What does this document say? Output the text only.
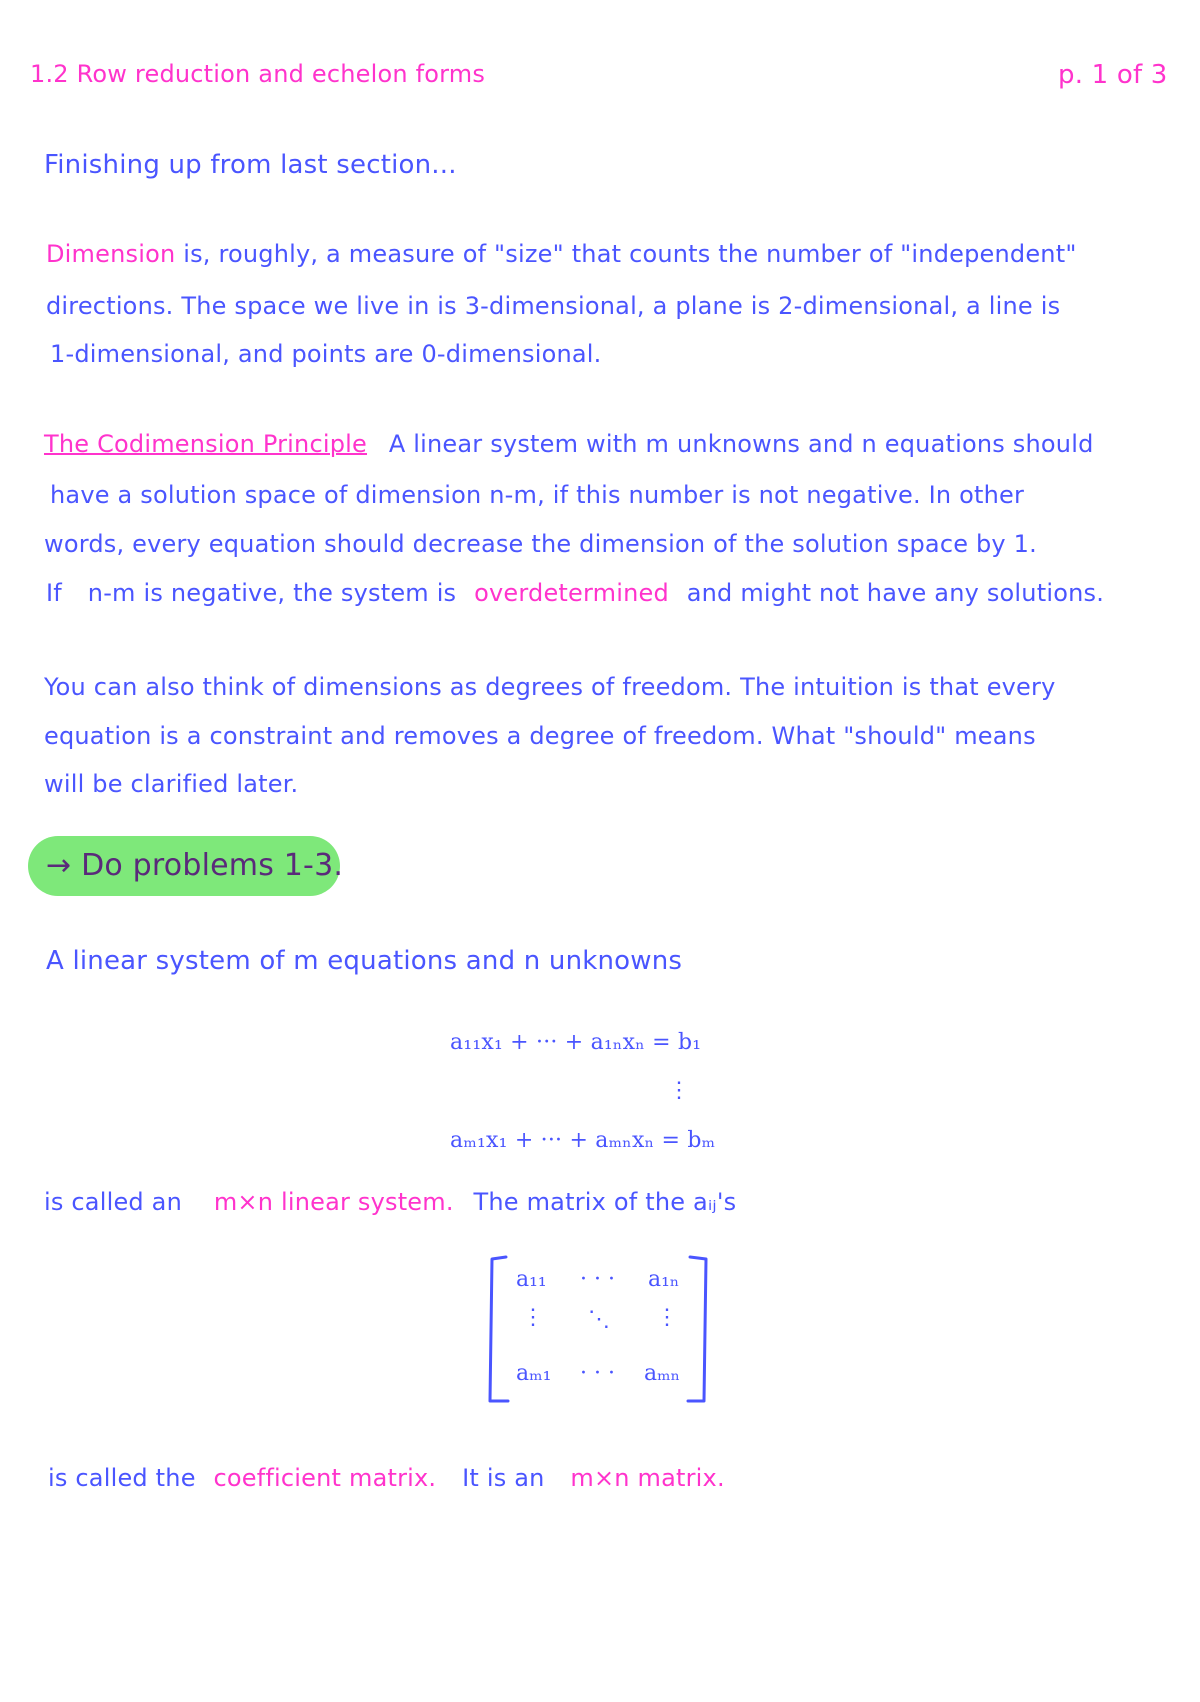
1.2 Row reduction and echelon forms	p. 1 of 3
Finishing up from last section...
Dimension is, roughly, a measure of "size" that counts the number of "independent"
directions. The space we live in is 3-dimensional, a plane is 2-dimensional, a line is
1-dimensional, and points are 0-dimensional.
The Codimension Principle A linear system with m unknowns and n equations should
have a solution space of dimension n-m, if this number is not negative. In other
words, every equation should decrease the dimension of the solution space by 1.
If n-m is negative, the system is overdetermined and might not have any solutions.
You can also think of dimensions as degrees of freedom. The intuition is that every
equation is a constraint and removes a degree of freedom. What "should" means
will be clarified later.
→ Do problems 1-3.
A linear system of m equations and n unknowns
a₁₁x₁ + ··· + a₁ₙxₙ = b₁
⋮
aₘ₁x₁ + ··· + aₘₙxₙ = bₘ
is called an m×n linear system. The matrix of the aᵢⱼ's
a₁₁ · · · a₁ₙ
⋮ ⋱ ⋮
aₘ₁ · · · aₘₙ
is called the coefficient matrix. It is an m×n matrix.
